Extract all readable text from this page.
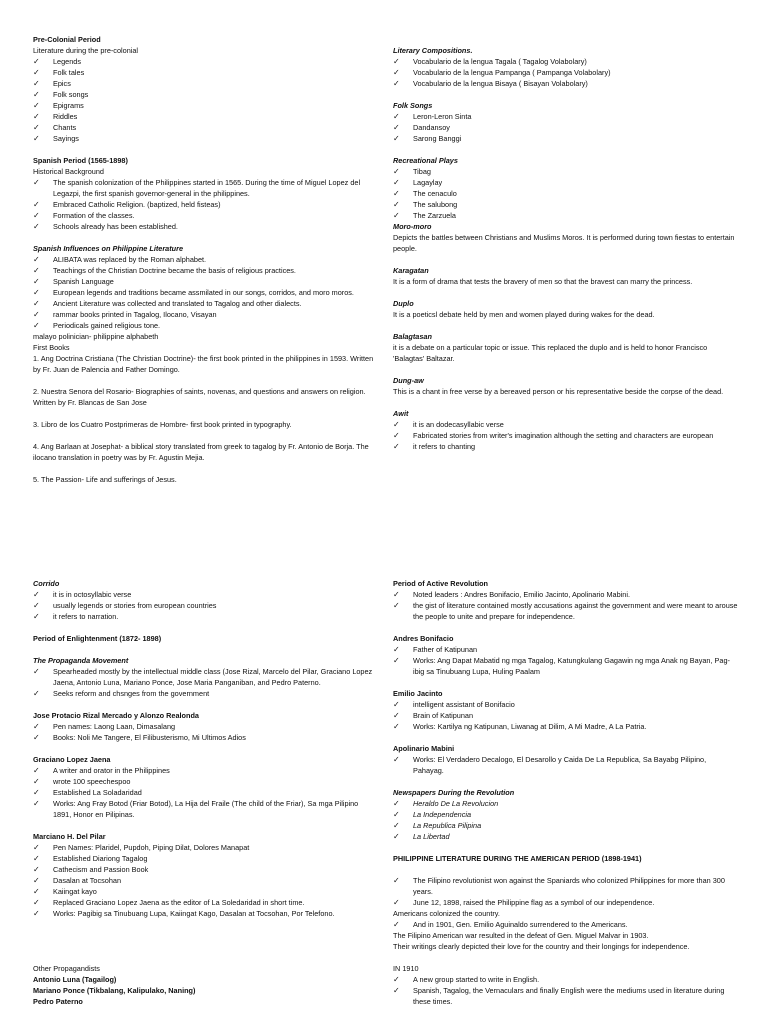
Pre-Colonial Period
Literature during the pre-colonial
✓	Legends
✓	Folk tales
✓	Epics
✓	Folk songs
✓	Epigrams
✓	Riddles
✓	Chants
✓	Sayings
Spanish Period (1565-1898)
Historical Background
✓	The spanish colonization of the Philippines started in 1565. During the time of Miguel Lopez del Legazpi, the first spanish governor-general in the philippines.
✓	Embraced Catholic Religion. (baptized, held fisteas)
✓	Formation of the classes.
✓	Schools already has been established.
Spanish Influences on Philippine Literature
✓	ALIBATA was replaced by the Roman alphabet.
✓	Teachings of the Christian Doctrine became the basis of religious practices.
✓	Spanish Language
✓	European legends and traditions became assmilated in our songs, corridos, and moro moros.
✓	Ancient Literature was collected and translated to Tagalog and other dialects.
✓	rammar books printed in Tagalog, Ilocano, Visayan
✓	Periodicals gained religious tone.
malayo polinician- philippine alphabeth
First Books
1. Ang Doctrina Cristiana (The Christian Doctrine)- the first book printed in the philippines in 1593. Written by Fr. Juan de Palencia and Father Domingo.
2. Nuestra Senora del Rosario- Biographies of saints, novenas, and questions and answers on religion. Written by Fr. Blancas de San Jose
3. Libro de los Cuatro Postprimeras de Hombre- first book printed in typography.
4. Ang Barlaan at Josephat- a biblical story translated from greek to tagalog by Fr. Antonio de Borja. The ilocano translation in poetry was by Fr. Agustin Mejia.
5. The Passion- Life and sufferings of Jesus.
Literary Compositions.
✓	Vocabulario de la lengua Tagala ( Tagalog Volabolary)
✓	Vocabulario de la lengua Pampanga ( Pampanga Volabolary)
✓	Vocabulario de la lengua Bisaya ( Bisayan Volabolary)
Folk Songs
✓	Leron-Leron Sinta
✓	Dandansoy
✓	Sarong Banggi
Recreational Plays
✓	Tibag
✓	Lagaylay
✓	The cenaculo
✓	The salubong
✓	The Zarzuela
Moro-moro
Depicts the battles between Christians and Muslims Moros. It is performed during town fiestas to entertain people.
Karagatan
It is a form of drama that tests the bravery of men so that the bravest can marry the princess.
Duplo
It is a poeticsl debate held by men and women played during wakes for the dead.
Balagtasan
it is a debate on a particular topic or issue. This replaced the duplo and is held to honor Francisco 'Balagtas' Baltazar.
Dung-aw
This is a chant in free verse by a bereaved person or his representative beside the corpse of the dead.
Awit
✓	it is an dodecasyllabic verse
✓	Fabricated stories from writer's imagination although the setting and characters are european
✓	it refers to chanting
Corrido
✓	it is in octosyllabic verse
✓	usually legends or stories from european countries
✓	it refers to narration.
Period of Enlightenment (1872- 1898)
The Propaganda Movement
✓	Spearheaded mostly by the intellectual middle class (Jose Rizal, Marcelo del Pilar, Graciano Lopez Jaena, Antonio Luna, Mariano Ponce, Jose Maria Panganiban, and Pedro Paterno.
✓	Seeks reform and chsnges from the government
Jose Protacio Rizal Mercado y Alonzo Realonda
✓	Pen names: Laong Laan, Dimasalang
✓	Books: Noli Me Tangere, El Filibusterismo, Mi Ultimos Adios
Graciano Lopez Jaena
✓	A writer and orator in the Philippines
✓	wrote 100 speechespoo
✓	Established La Soladaridad
✓	Works: Ang Fray Botod (Friar Botod), La Hija del Fraile (The child of the Friar), Sa mga Pilipino 1891, Honor en Pilipinas.
Marciano H. Del Pilar
✓	Pen Names: Plaridel, Pupdoh, Piping Dilat, Dolores Manapat
✓	Established Diariong Tagalog
✓	Cathecism and Passion Book
✓	Dasalan at Tocsohan
✓	Kaiingat kayo
✓	Replaced Graciano Lopez Jaena as the editor of La Soledaridad in short time.
✓	Works: Pagibig sa Tinubuang Lupa, Kaiingat Kago, Dasalan at Tocsohan, Por Telefono.
Other Propagandists
Antonio Luna (Tagailog)
Mariano Ponce (Tikbalang, Kalipulako, Naning)
Pedro Paterno
Period of Active Revolution
✓	Noted leaders : Andres Bonifacio, Emilio Jacinto, Apolinario Mabini.
✓	the gist of literature contained mostly accusations against the government and were meant to arouse the people to unite and prepare for independence.
Andres Bonifacio
✓	Father of Katipunan
✓	Works: Ang Dapat Mabatid ng mga Tagalog, Katungkulang Gagawin ng mga Anak ng Bayan, Pag-ibig sa Tinubuang Lupa, Huling Paalam
Emilio Jacinto
✓	intelligent assistant of Bonifacio
✓	Brain of Katipunan
✓	Works: Kartilya ng Katipunan, Liwanag at Dilim, A Mi Madre, A La Patria.
Apolinario Mabini
✓	Works: El Verdadero Decalogo, El Desarollo y Caida De La Republica, Sa Bayabg Pilipino, Pahayag.
Newspapers During the Revolution
✓	Heraldo De La Revolucion
✓	La Independencia
✓	La Republica Pilipina
✓	La Libertad
PHILIPPINE LITERATURE DURING THE AMERICAN PERIOD (1898-1941)
✓	The Filipino revolutionist won against the Spaniards who colonized Philippines for more than 300 years.
✓	June 12, 1898, raised the Philippine flag as a symbol of our independence.
Americans colonized the country.
✓	And in 1901, Gen. Emilio Aguinaldo surrendered to the Americans.
The Filipino American war resulted in the defeat of Gen. Miguel Malvar in 1903.
Their writings clearly depicted their love for the country and their longings for independence.
IN 1910
✓	A new group started to write in English.
✓	Spanish, Tagalog, the Vernaculars and finally English were the mediums used in literature during these times.
